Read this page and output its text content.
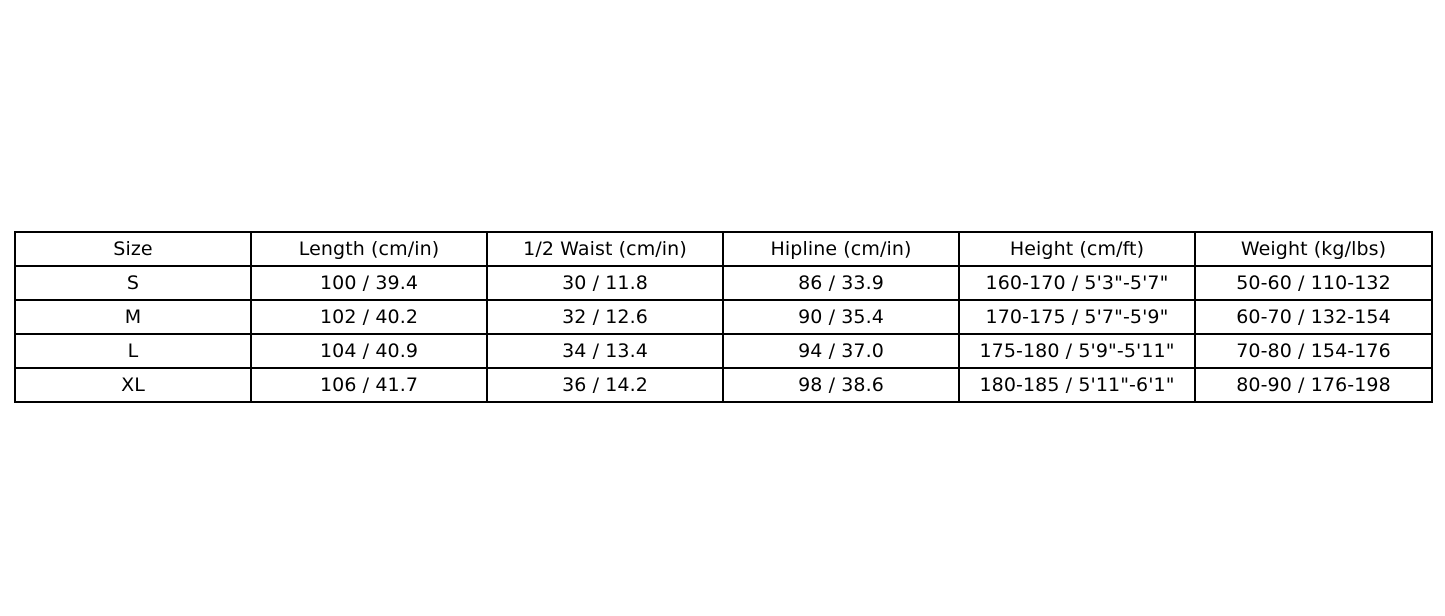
Size	Length (cm/in)	1/2 Waist (cm/in)	Hipline (cm/in)	Height (cm/ft)	Weight (kg/lbs)
S	100 / 39.4	30 / 11.8	86 / 33.9	160-170 / 5'3"-5'7"	50-60 / 110-132
M	102 / 40.2	32 / 12.6	90 / 35.4	170-175 / 5'7"-5'9"	60-70 / 132-154
L	104 / 40.9	34 / 13.4	94 / 37.0	175-180 / 5'9"-5'11"	70-80 / 154-176
XL	106 / 41.7	36 / 14.2	98 / 38.6	180-185 / 5'11"-6'1"	80-90 / 176-198
